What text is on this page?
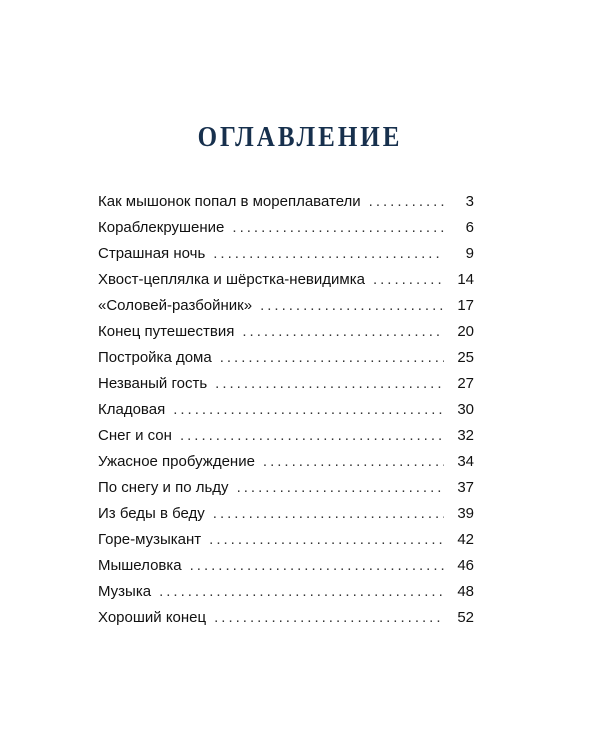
ОГЛАВЛЕНИЕ
Как мышонок попал в мореплаватели .....	3
Кораблекрушение .....	6
Страшная ночь .....	9
Хвост-цеплялка и шёрстка-невидимка .....	14
«Соловей-разбойник» .....	17
Конец путешествия .....	20
Постройка дома .....	25
Незваный гость .....	27
Кладовая .....	30
Снег и сон .....	32
Ужасное пробуждение .....	34
По снегу и по льду .....	37
Из беды в беду .....	39
Горе-музыкант .....	42
Мышеловка .....	46
Музыка .....	48
Хороший конец .....	52
